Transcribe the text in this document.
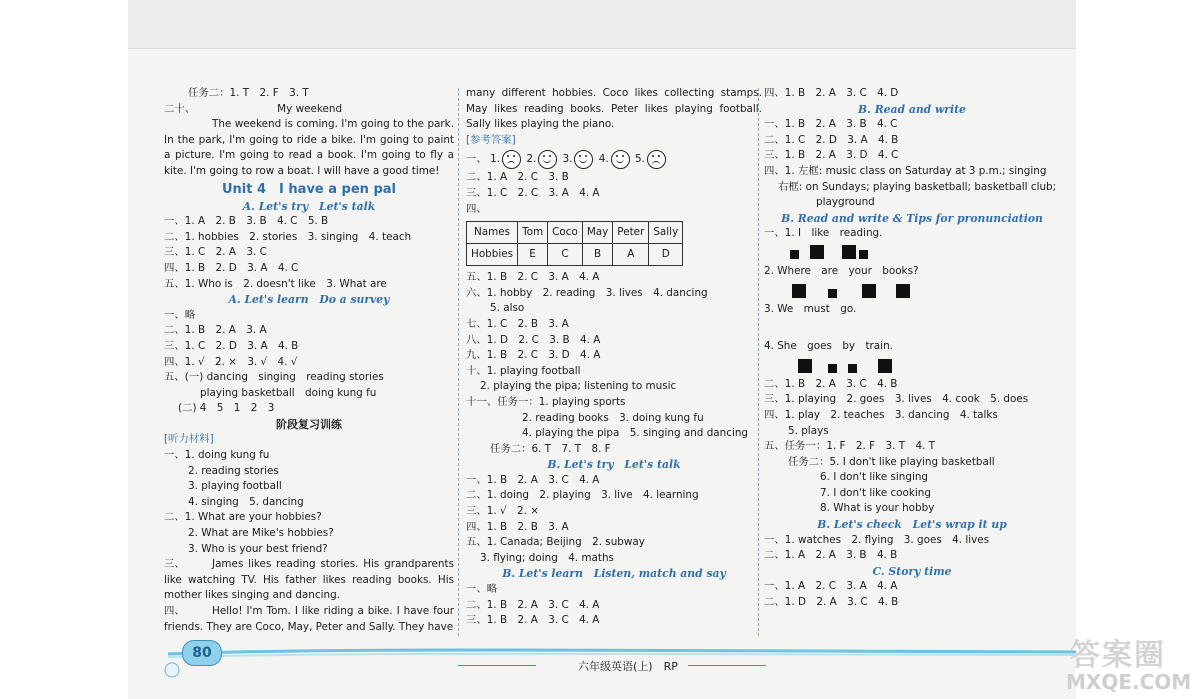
任务二：1. T　2. F　3. T
二十、	My weekend
The weekend is coming. I'm going to the park. In the park, I'm going to ride a bike. I'm going to paint a picture. I'm going to read a book. I'm going to fly a kite. I'm going to row a boat. I will have a good time!
Unit 4　I have a pen pal
A. Let's try　Let's talk
一、1. A　2. B　3. B　4. C　5. B
二、1. hobbies　2. stories　3. singing　4. teach
三、1. C　2. A　3. C
四、1. B　2. D　3. A　4. C
五、1. Who is　2. doesn't like　3. What are
A. Let's learn　Do a survey
一、略
二、1. B　2. A　3. A
三、1. C　2. D　3. A　4. B
四、1. √　2. ×　3. √　4. √
五、(一) dancing　singing　reading stories
playing basketball　doing kung fu
(二) 4　5　1　2　3
阶段复习训练
[听力材料]
一、1. doing kung fu
2. reading stories
3. playing football
4. singing　5. dancing
二、1. What are your hobbies?
2. What are Mike's hobbies?
3. Who is your best friend?
三、	James likes reading stories. His grandparents like watching TV. His father likes reading books. His mother likes singing and dancing.
四、	Hello! I'm Tom. I like riding a bike. I have four friends. They are Coco, May, Peter and Sally. They have
many different hobbies. Coco likes collecting stamps. May likes reading books. Peter likes playing football. Sally likes playing the piano.
[参考答案]
一、 1.	2.	3.	4.	5.
二、1. A　2. C　3. B
三、1. C　2. C　3. A　4. A
四、
Names	Tom	Coco	May	Peter	Sally
Hobbies	E	C	B	A	D
五、1. B　2. C　3. A　4. A
六、1. hobby　2. reading　3. lives　4. dancing
5. also
七、1. C　2. B　3. A
八、1. D　2. C　3. B　4. A
九、1. B　2. C　3. D　4. A
十、1. playing football
2. playing the pipa; listening to music
十一、任务一：1. playing sports
2. reading books　3. doing kung fu
4. playing the pipa　5. singing and dancing
任务二：6. T　7. T　8. F
B. Let's try　Let's talk
一、1. B　2. A　3. C　4. A
二、1. doing　2. playing　3. live　4. learning
三、1. √　2. ×
四、1. B　2. B　3. A
五、1. Canada; Beijing　2. subway
3. flying; doing　4. maths
B. Let's learn　Listen, match and say
一、略
二、1. B　2. A　3. C　4. A
三、1. B　2. A　3. C　4. A
四、1. B　2. A　3. C　4. D
B. Read and write
一、1. B　2. A　3. B　4. C
二、1. C　2. D　3. A　4. B
三、1. B　2. A　3. D　4. C
四、1. 左框: music class on Saturday at 3 p.m.; singing
右框: on Sundays; playing basketball; basketball club;
playground
B. Read and write & Tips for pronunciation
一、1. I　like　reading.
2. Where　are　your　books?
3. We　must　go.
4. She　goes　by　train.
二、1. B　2. A　3. C　4. B
三、1. playing　2. goes　3. lives　4. cook　5. does
四、1. play　2. teaches　3. dancing　4. talks
5. plays
五、任务一：1. F　2. F　3. T　4. T
任务二：5. I don't like playing basketball
6. I don't like singing
7. I don't like cooking
8. What is your hobby
B. Let's check　Let's wrap it up
一、1. watches　2. flying　3. goes　4. lives
二、1. A　2. A　3. B　4. B
C. Story time
一、1. A　2. C　3. A　4. A
二、1. D　2. A　3. C　4. B
80
六年级英语(上)　RP	答案圈
MXQE.COM
